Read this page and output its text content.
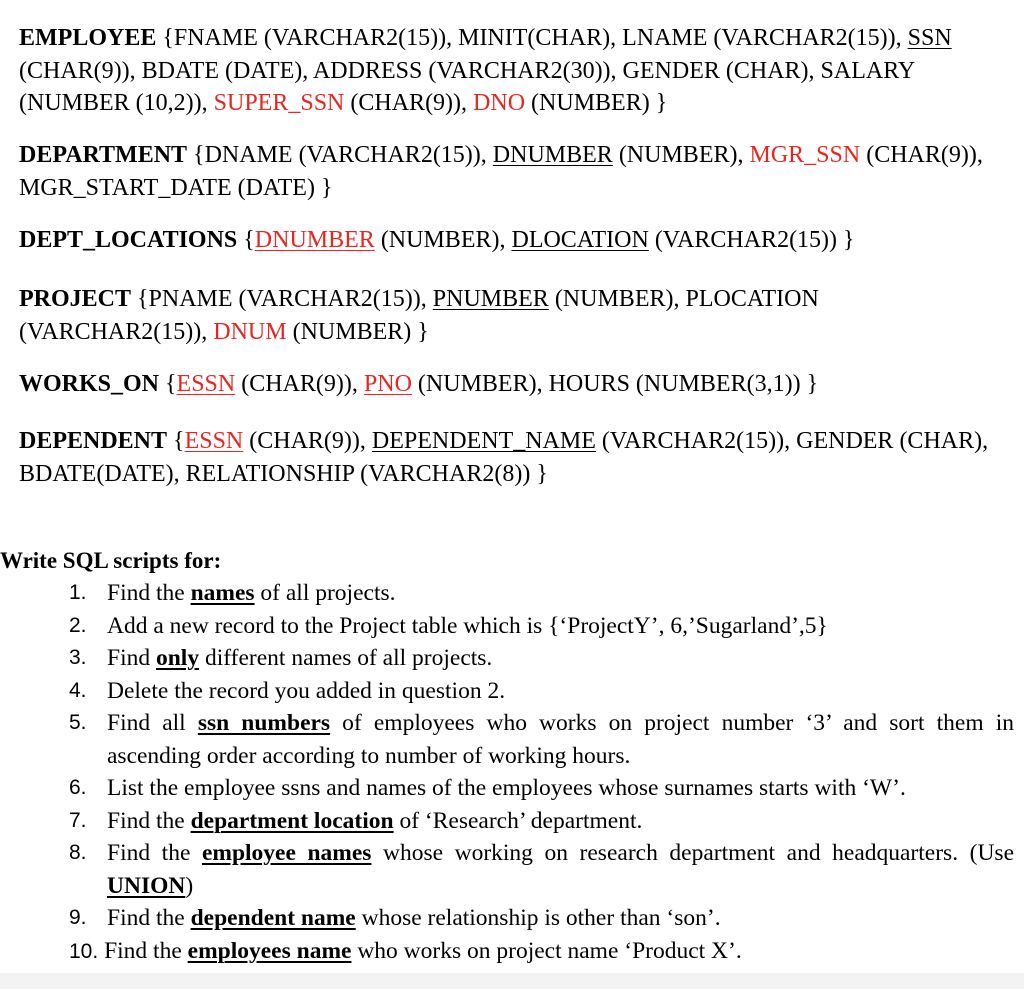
EMPLOYEE {FNAME (VARCHAR2(15)), MINIT(CHAR), LNAME (VARCHAR2(15)), SSN (CHAR(9)), BDATE (DATE), ADDRESS (VARCHAR2(30)), GENDER (CHAR), SALARY (NUMBER (10,2)), SUPER_SSN (CHAR(9)), DNO (NUMBER) }

DEPARTMENT {DNAME (VARCHAR2(15)), DNUMBER (NUMBER), MGR_SSN (CHAR(9)), MGR_START_DATE (DATE) }

DEPT_LOCATIONS {DNUMBER (NUMBER), DLOCATION (VARCHAR2(15)) }

PROJECT {PNAME (VARCHAR2(15)), PNUMBER (NUMBER), PLOCATION (VARCHAR2(15)), DNUM (NUMBER) }

WORKS_ON {ESSN (CHAR(9)), PNO (NUMBER), HOURS (NUMBER(3,1)) }

DEPENDENT {ESSN (CHAR(9)), DEPENDENT_NAME (VARCHAR2(15)), GENDER (CHAR), BDATE(DATE), RELATIONSHIP (VARCHAR2(8)) }

Write SQL scripts for:

1. Find the names of all projects.
2. Add a new record to the Project table which is {‘ProjectY’, 6,’Sugarland’,5}
3. Find only different names of all projects.
4. Delete the record you added in question 2.
5. Find all ssn numbers of employees who works on project number ‘3’ and sort them in ascending order according to number of working hours.
6. List the employee ssns and names of the employees whose surnames starts with ‘W’.
7. Find the department location of ‘Research’ department.
8. Find the employee names whose working on research department and headquarters. (Use UNION)
9. Find the dependent name whose relationship is other than ‘son’.
10. Find the employees name who works on project name ‘Product X’.
